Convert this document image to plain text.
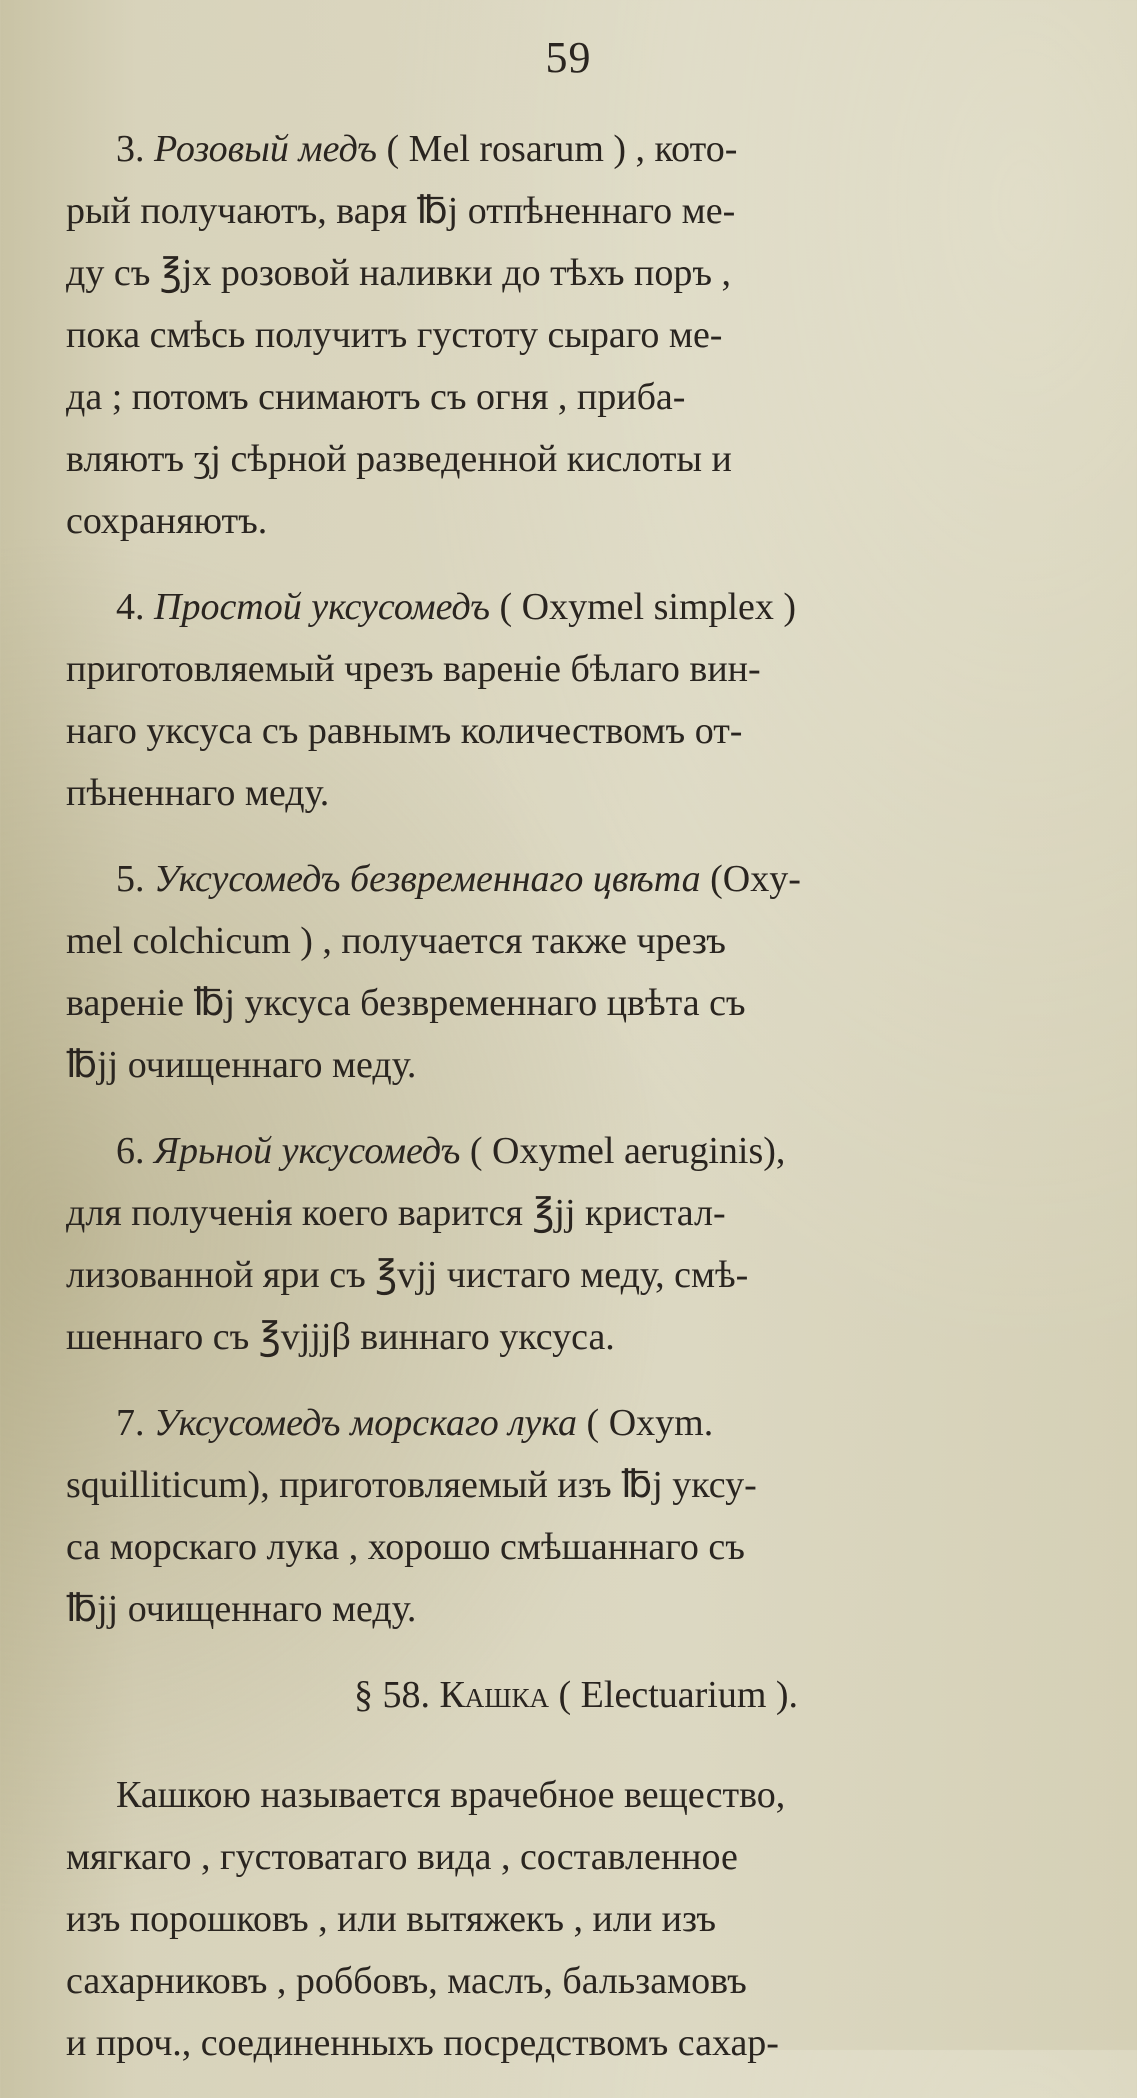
59
3. Розовый медъ ( Mel rosarum ) , кото-
рый получаютъ, варя ℔j отпѣненнаго ме-
ду съ ℥jx розовой наливки до тѣхъ поръ ,
пока смѣсь получитъ густоту сыраго ме-
да ; потомъ снимаютъ съ огня , приба-
вляютъ ʒj сѣрной разведенной кислоты и
сохраняютъ.
4. Простой уксусомедъ ( Oxymel simplex )
приготовляемый чрезъ вареніе бѣлаго вин-
наго уксуса съ равнымъ количествомъ от-
пѣненнаго меду.
5. Уксусомедъ безвременнаго цвѣта (Oxy-
mel colchicum ) , получается также чрезъ
вареніе ℔j уксуса безвременнаго цвѣта съ
℔jj очищеннаго меду.
6. Ярьной уксусомедъ ( Oxymel aeruginis),
для полученія коего варится ℥jj кристал-
лизованной яри съ ℥vjj чистаго меду, смѣ-
шеннаго съ ℥vjjjβ виннаго уксуса.
7. Уксусомедъ морскаго лука ( Oxym.
squilliticum), приготовляемый изъ ℔j уксу-
са морскаго лука , хорошо смѣшаннаго съ
℔jj очищеннаго меду.
§ 58. Кашка ( Electuarium ).
Кашкою называется врачебное вещество,
мягкаго , густоватаго вида , составленное
изъ порошковъ , или вытяжекъ , или изъ
сахарниковъ , роббовъ, маслъ, бальзамовъ
и проч., соединенныхъ посредствомъ сахар-
